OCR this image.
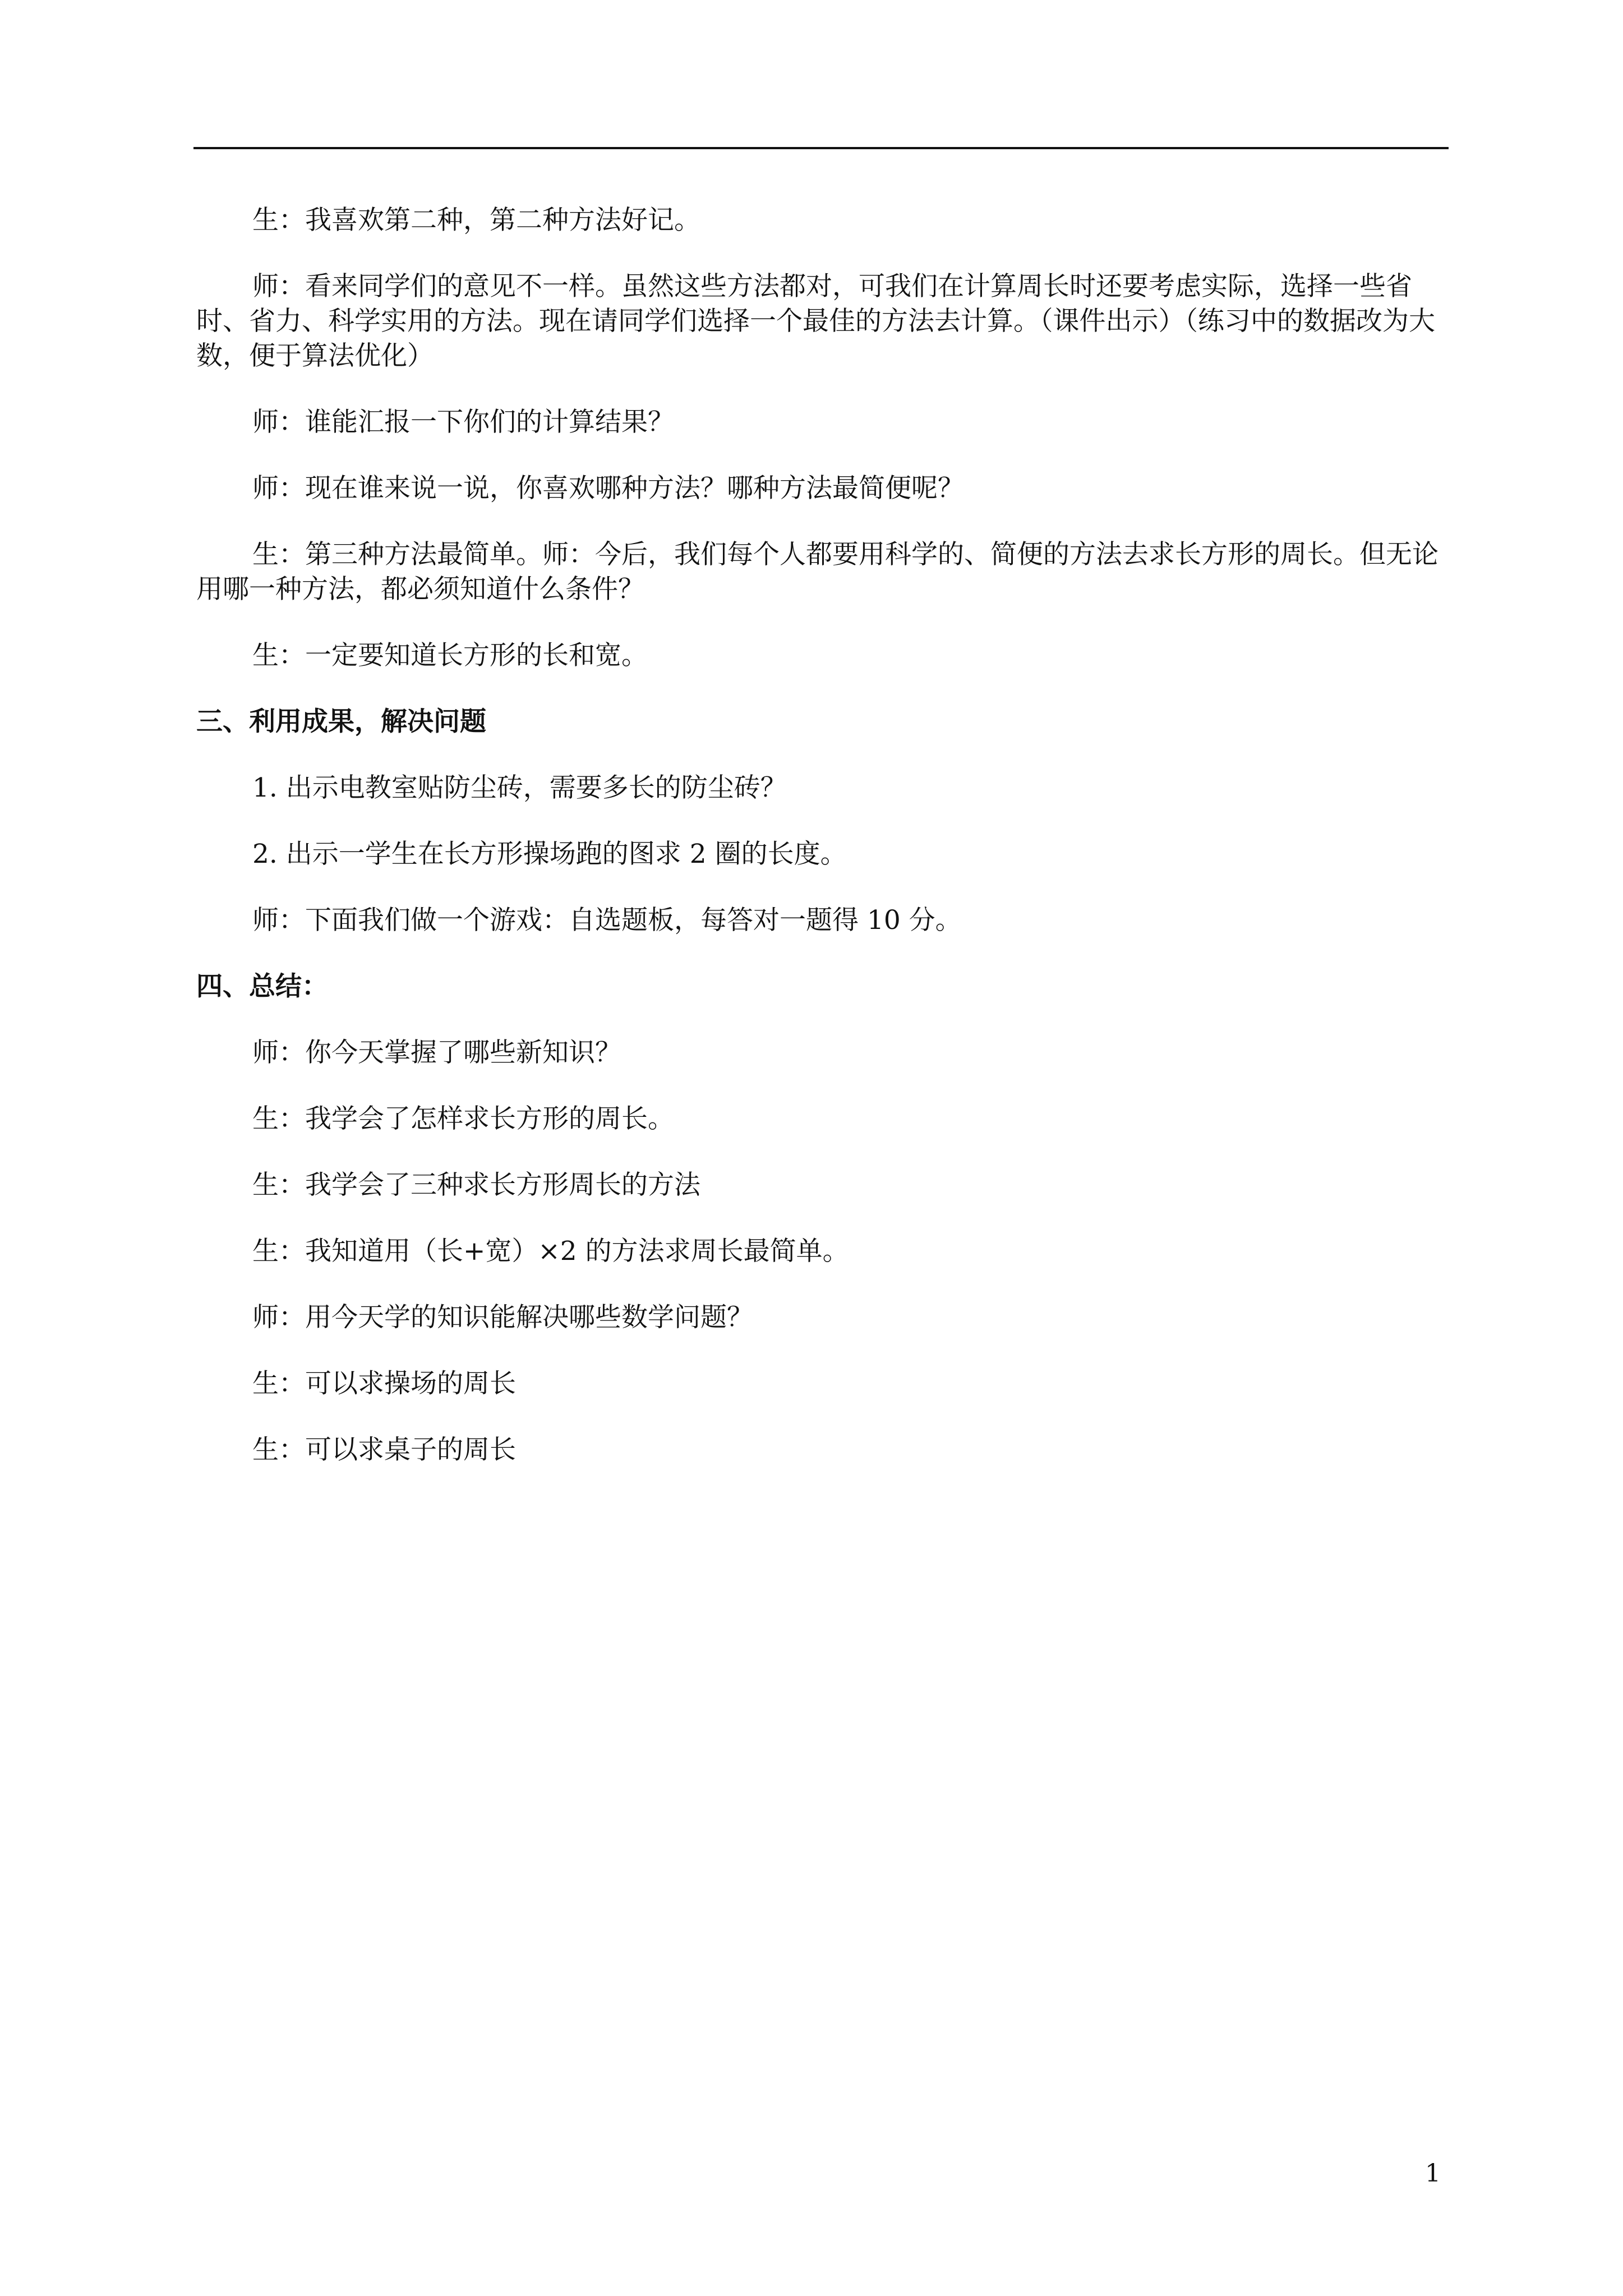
生：我喜欢第二种，第二种方法好记。

师：看来同学们的意见不一样。虽然这些方法都对，可我们在计算周长时还要考虑实际，选择一些省时、省力、科学实用的方法。现在请同学们选择一个最佳的方法去计算。（课件出示）（练习中的数据改为大数，便于算法优化）

师：谁能汇报一下你们的计算结果？

师：现在谁来说一说，你喜欢哪种方法？哪种方法最简便呢？

生：第三种方法最简单。师：今后，我们每个人都要用科学的、简便的方法去求长方形的周长。但无论用哪一种方法，都必须知道什么条件？

生：一定要知道长方形的长和宽。

三、利用成果，解决问题

1. 出示电教室贴防尘砖，需要多长的防尘砖？

2. 出示一学生在长方形操场跑的图求 2 圈的长度。

师：下面我们做一个游戏：自选题板，每答对一题得 10 分。

四、总结：

师：你今天掌握了哪些新知识？

生：我学会了怎样求长方形的周长。

生：我学会了三种求长方形周长的方法

生：我知道用（长+宽）×2 的方法求周长最简单。

师：用今天学的知识能解决哪些数学问题？

生：可以求操场的周长

生：可以求桌子的周长

1
